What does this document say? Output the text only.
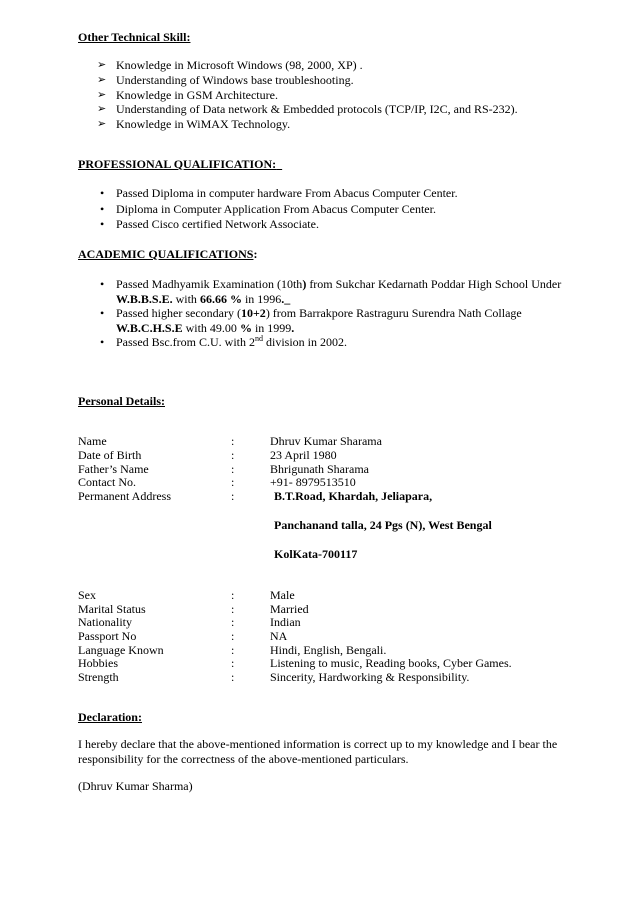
Other Technical Skill:
➢ Knowledge in Microsoft Windows (98, 2000, XP) .
➢ Understanding of Windows base troubleshooting.
➢ Knowledge in GSM Architecture.
➢ Understanding of Data network & Embedded protocols (TCP/IP, I2C, and RS-232).
➢ Knowledge in WiMAX Technology.
PROFESSIONAL QUALIFICATION:
• Passed Diploma in computer hardware From Abacus Computer Center.
• Diploma in Computer Application From Abacus Computer Center.
• Passed Cisco certified Network Associate.
ACADEMIC QUALIFICATIONS:
• Passed Madhyamik Examination (10th) from Sukchar Kedarnath Poddar High School Under
W.B.B.S.E. with 66.66 % in 1996._
• Passed higher secondary (10+2) from Barrakpore Rastraguru Surendra Nath Collage
W.B.C.H.S.E with 49.00 % in 1999.
• Passed Bsc.from C.U. with 2nd division in 2002.
Personal Details:
Name	:	Dhruv Kumar Sharama
Date of Birth	:	23 April 1980
Father’s Name	:	Bhrigunath Sharama
Contact No.	:	+91- 8979513510
Permanent Address	:	B.T.Road, Khardah, Jeliapara,
Panchanand talla, 24 Pgs (N), West Bengal
KolKata-700117
Sex	:	Male
Marital Status	:	Married
Nationality	:	Indian
Passport No	:	NA
Language Known	:	Hindi, English, Bengali.
Hobbies	:	Listening to music, Reading books, Cyber Games.
Strength	:	Sincerity, Hardworking & Responsibility.
Declaration:
I hereby declare that the above-mentioned information is correct up to my knowledge and I bear the responsibility for the correctness of the above-mentioned particulars.
(Dhruv Kumar Sharma)
